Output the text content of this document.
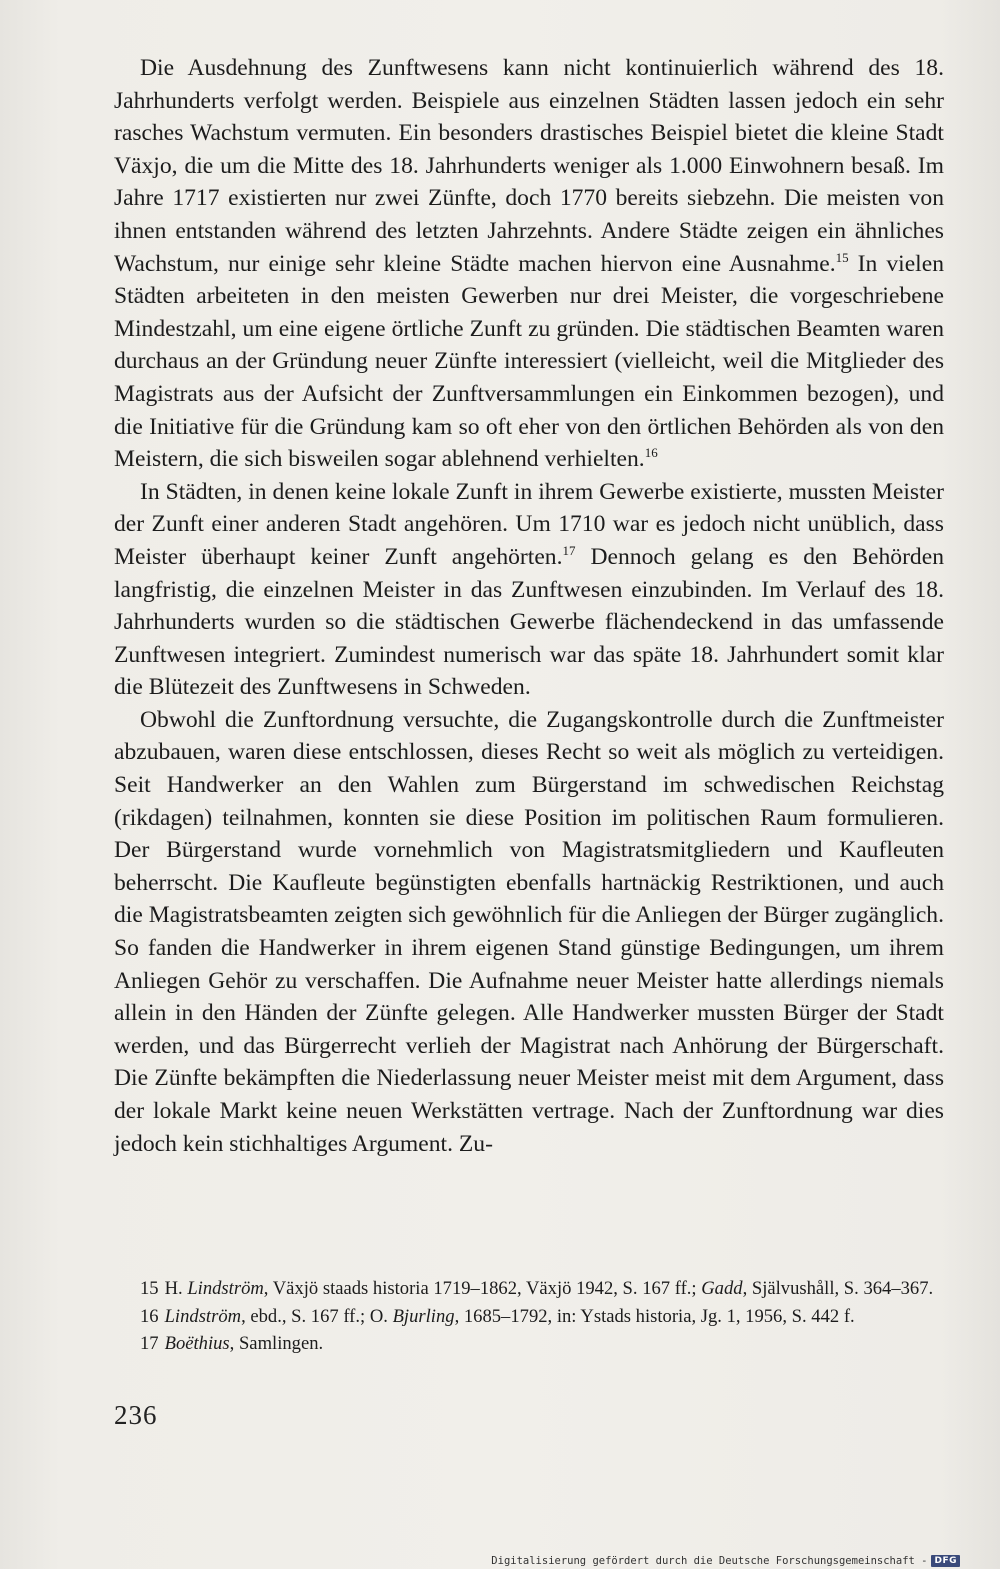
Die Ausdehnung des Zunftwesens kann nicht kontinuierlich während des 18. Jahrhunderts verfolgt werden. Beispiele aus einzelnen Städten lassen jedoch ein sehr rasches Wachstum vermuten. Ein besonders drastisches Beispiel bietet die kleine Stadt Växjo, die um die Mitte des 18. Jahrhunderts weniger als 1.000 Einwohnern besaß. Im Jahre 1717 existierten nur zwei Zünfte, doch 1770 bereits siebzehn. Die meisten von ihnen entstanden während des letzten Jahrzehnts. Andere Städte zeigen ein ähnliches Wachstum, nur einige sehr kleine Städte machen hiervon eine Ausnahme.$^{15}$ In vielen Städten arbeiteten in den meisten Gewerben nur drei Meister, die vorgeschriebene Mindestzahl, um eine eigene örtliche Zunft zu gründen. Die städtischen Beamten waren durchaus an der Gründung neuer Zünfte interessiert (vielleicht, weil die Mitglieder des Magistrats aus der Aufsicht der Zunftversammlungen ein Einkommen bezogen), und die Initiative für die Gründung kam so oft eher von den örtlichen Behörden als von den Meistern, die sich bisweilen sogar ablehnend verhielten.$^{16}$

In Städten, in denen keine lokale Zunft in ihrem Gewerbe existierte, mussten Meister der Zunft einer anderen Stadt angehören. Um 1710 war es jedoch nicht unüblich, dass Meister überhaupt keiner Zunft angehörten.$^{17}$ Dennoch gelang es den Behörden langfristig, die einzelnen Meister in das Zunftwesen einzubinden. Im Verlauf des 18. Jahrhunderts wurden so die städtischen Gewerbe flächendeckend in das umfassende Zunftwesen integriert. Zumindest numerisch war das späte 18. Jahrhundert somit klar die Blütezeit des Zunftwesens in Schweden.

Obwohl die Zunftordnung versuchte, die Zugangskontrolle durch die Zunftmeister abzubauen, waren diese entschlossen, dieses Recht so weit als möglich zu verteidigen. Seit Handwerker an den Wahlen zum Bürgerstand im schwedischen Reichstag (rikdagen) teilnahmen, konnten sie diese Position im politischen Raum formulieren. Der Bürgerstand wurde vornehmlich von Magistratsmitgliedern und Kaufleuten beherrscht. Die Kaufleute begünstigten ebenfalls hartnäckig Restriktionen, und auch die Magistratsbeamten zeigten sich gewöhnlich für die Anliegen der Bürger zugänglich. So fanden die Handwerker in ihrem eigenen Stand günstige Bedingungen, um ihrem Anliegen Gehör zu verschaffen. Die Aufnahme neuer Meister hatte allerdings niemals allein in den Händen der Zünfte gelegen. Alle Handwerker mussten Bürger der Stadt werden, und das Bürgerrecht verlieh der Magistrat nach Anhörung der Bürgerschaft. Die Zünfte bekämpften die Niederlassung neuer Meister meist mit dem Argument, dass der lokale Markt keine neuen Werkstätten vertrage. Nach der Zunftordnung war dies jedoch kein stichhaltiges Argument. Zu-

15 H. Lindström, Växjö staads historia 1719–1862, Växjö 1942, S. 167 ff.; Gadd, Självushåll, S. 364–367.

16 Lindström, ebd., S. 167 ff.; O. Bjurling, 1685–1792, in: Ystads historia, Jg. 1, 1956, S. 442 f.

17 Boëthius, Samlingen.

236
Digitalisierung gefördert durch die Deutsche Forschungsgemeinschaft - DFG
